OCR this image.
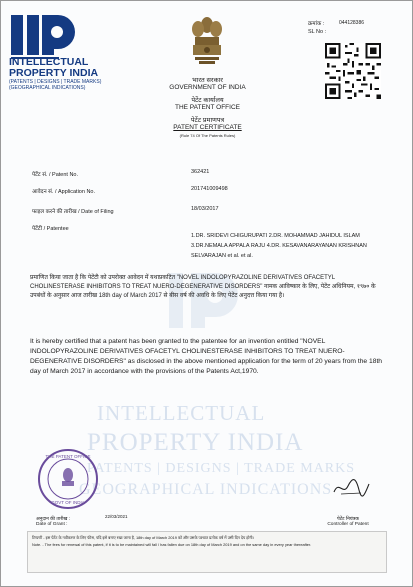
INTELLECTUAL
PROPERTY INDIA
PATENTS | DESIGNS | TRADE MARKS
GEOGRAPHICAL INDICATIONS
INTELLECTUAL
PROPERTY INDIA
(PATENTS | DESIGNS | TRADE MARKS)
(GEOGRAPHICAL INDICATIONS)
क्रमांक :	044128386
SL No :
भारत सरकार
GOVERNMENT OF INDIA
पेटेंट कार्यालय
THE PATENT OFFICE
पेटेंट प्रमाणपत्र
PATENT CERTIFICATE
(Rule 74 Of The Patents Rules)
पेटेंट सं. / Patent No.	362421
आवेदन सं. / Application No.	201741009498
फाइल करने की तारीख / Date of Filing	18/03/2017
पेटेंटी / Patentee
1.DR. SRIDEVI CHIGURUPATI 2.DR. MOHAMMAD JAHIDUL ISLAM 3.DR.NEMALA APPALA RAJU 4.DR. KESAVANARAYANAN KRISHNAN SELVARAJAN et al. et al.
प्रमाणित किया जाता है कि पेटेंटी को उपरोक्त आवेदन में यथाप्रकटित "NOVEL INDOLOPYRAZOLINE DERIVATIVES OFACETYL CHOLINESTERASE INHIBITORS TO TREAT NUERO-DEGENERATIVE DISORDERS" नामक आविष्कार के लिए, पेटेंट अधिनियम, १९७० के उपबंधों के अनुसार आज तारीख 18th day of March 2017 से बीस वर्ष की अवधि के लिए पेटेंट अनुदत्त किया गया है।
It is hereby certified that a patent has been granted to the patentee for an invention entitled "NOVEL INDOLOPYRAZOLINE DERIVATIVES OFACETYL CHOLINESTERASE INHIBITORS TO TREAT NUERO-DEGENERATIVE DISORDERS" as disclosed in the above mentioned application for the term of 20 years from the 18th day of March 2017 in accordance with the provisions of the Patents Act,1970.
THE PATENT OFFICE
GOVT OF INDIA
अनुदान की तारीख :
Date of Grant :
22/03/2021
पेटेंट नियंत्रक
Controller of Patent
टिप्पणी - इस पेटेंट के नवीकरण के लिए फीस, यदि इसे बनाए रखा जाना है, 18th day of March 2019 को और उसके पश्चात प्रत्येक वर्ष में उसी दिन देय होगी।
Note. - The fees for renewal of this patent, if it is to be maintained will fall / has fallen due on 18th day of March 2019 and on the same day in every year thereafter.
